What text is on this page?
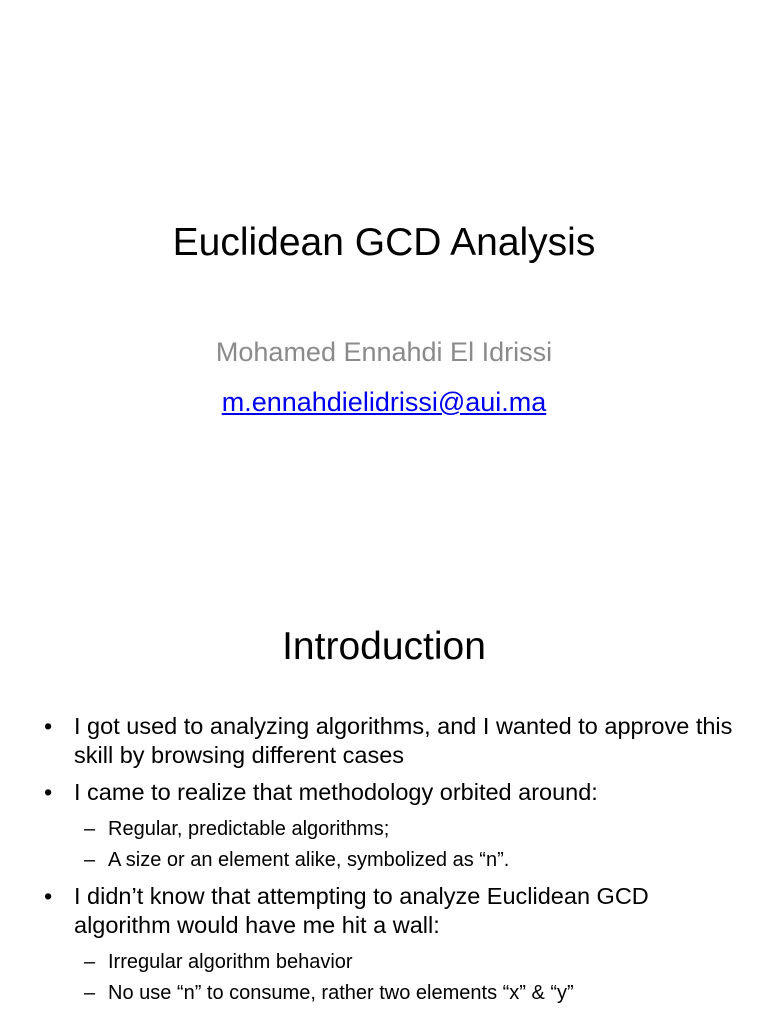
Euclidean GCD Analysis
Mohamed Ennahdi El Idrissi
m.ennahdielidrissi@aui.ma
Introduction
• I got used to analyzing algorithms, and I wanted to approve this skill by browsing different cases
• I came to realize that methodology orbited around:
– Regular, predictable algorithms;
– A size or an element alike, symbolized as “n”.
• I didn’t know that attempting to analyze Euclidean GCD algorithm would have me hit a wall:
– Irregular algorithm behavior
– No use “n” to consume, rather two elements “x” & “y”
